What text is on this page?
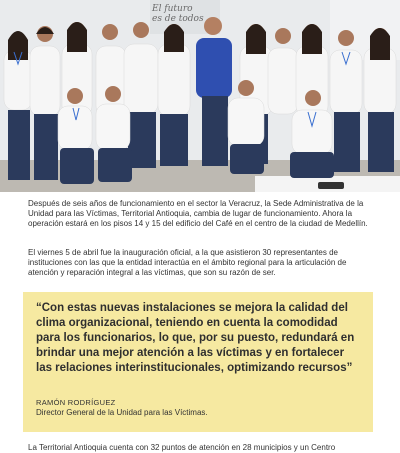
El futuro
es de todos

Después de seis años de funcionamiento en el sector la Veracruz, la Sede Administrativa de la Unidad para las Víctimas, Territorial Antioquia, cambia de lugar de funcionamiento. Ahora la operación estará en los pisos 14 y 15 del edificio del Café en el centro de la ciudad de Medellín.

El viernes 5 de abril fue la inauguración oficial, a la que asistieron 30 representantes de instituciones con las que la entidad interactúa en el ámbito regional para la articulación de atención y reparación integral a las víctimas, que son su razón de ser.

“Con estas nuevas instalaciones se mejora la calidad del clima organizacional, teniendo en cuenta la comodidad para los funcionarios, lo que, por su puesto, redundará en brindar una mejor atención a las víctimas y en fortalecer las relaciones interinstitucionales, optimizando recursos”

RAMÓN RODRÍGUEZ

Director General de la Unidad para las Víctimas.

La Territorial Antioquia cuenta con 32 puntos de atención en 28 municipios y un Centro
